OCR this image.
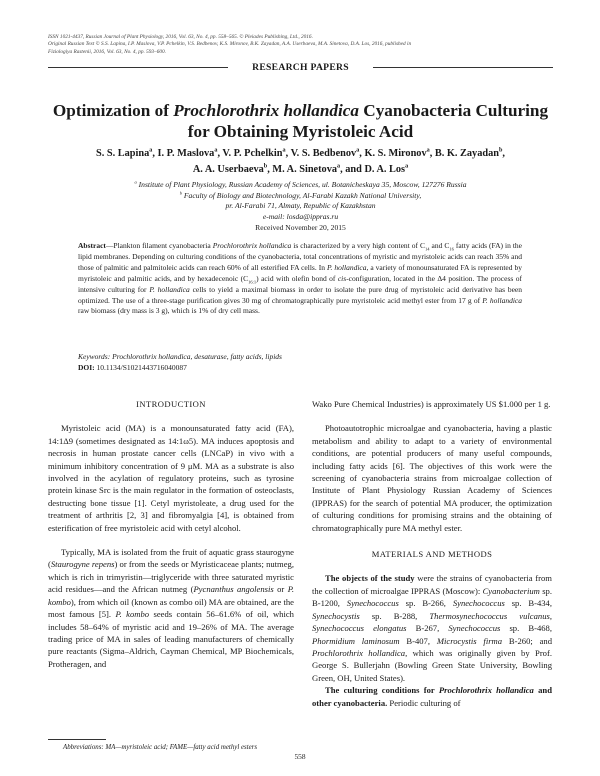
ISSN 1021-4437, Russian Journal of Plant Physiology, 2016, Vol. 63, No. 4, pp. 558–565. © Pleiades Publishing, Ltd., 2016.
Original Russian Text © S.S. Lapina, I.P. Maslova, V.P. Pchelkin, V.S. Bedbenov, K.S. Mironov, B.K. Zayadan, A.A. Userbaeva, M.A. Sinetova, D.A. Los, 2016, published in
Fiziologiya Rastenii, 2016, Vol. 63, No. 4, pp. 593–600.
RESEARCH PAPERS
Optimization of Prochlorothrix hollandica Cyanobacteria Culturing
for Obtaining Myristoleic Acid
S. S. Lapina$^a$, I. P. Maslova$^a$, V. P. Pchelkin$^a$, V. S. Bedbenov$^a$, K. S. Mironov$^a$, B. K. Zayadan$^b$,
A. A. Userbaeva$^b$, M. A. Sinetova$^a$, and D. A. Los$^a$
$^a$ Institute of Plant Physiology, Russian Academy of Sciences, ul. Botanicheskaya 35, Moscow, 127276 Russia
$^b$ Faculty of Biology and Biotechnology, Al-Farabi Kazakh National University,
pr. Al-Farabi 71, Almaty, Republic of Kazakhstan
e-mail: losda@ippras.ru
Received November 20, 2015
Abstract—Plankton filament cyanobacteria Prochlorothrix hollandica is characterized by a very high content of $C_{14}$ and $C_{16}$ fatty acids (FA) in the lipid membranes. Depending on culturing conditions of the cyanobacteria, total concentrations of myristic and myristoleic acids can reach 35% and those of palmitic and palmitoleic acids can reach 60% of all esterified FA cells. In P. hollandica, a variety of monounsaturated FA is represented by myristoleic and palmitic acids, and by hexadecenoic $(C_{16:1})$ acid with olefin bond of cis-configuration, located in the Δ4 position. The process of intensive culturing for P. hollandica cells to yield a maximal biomass in order to isolate the pure drug of myristoleic acid derivative has been optimized. The use of a three-stage purification gives 30 mg of chromatographically pure myristoleic acid methyl ester from 17 g of P. hollandica raw biomass (dry mass is 3 g), which is 1% of dry cell mass.
Keywords: Prochlorothrix hollandica, desaturase, fatty acids, lipids
DOI: 10.1134/S1021443716040087

INTRODUCTION

Myristoleic acid (MA) is a monounsaturated fatty acid (FA), 14:1Δ9 (sometimes designated as 14:1ω5). MA induces apoptosis and necrosis in human prostate cancer cells (LNCaP) in vivo with a minimum inhibitory concentration of 9 μM. MA as a substrate is also involved in the acylation of regulatory proteins, such as tyrosine protein kinase Src is the main regulator in the formation of osteoclasts, destructing bone tissue [1]. Cetyl myristoleate, a drug used for the treatment of arthritis [2, 3] and fibromyalgia [4], is obtained from esterification of free myristoleic acid with cetyl alcohol.

Typically, MA is isolated from the fruit of aquatic grass staurogyne (Staurogyne repens) or from the seeds or Myristicaceae plants; nutmeg, which is rich in trimyristin—triglyceride with three saturated myristic acid residues—and the African nutmeg (Pycnanthus angolensis or P. kombo), from which oil (known as combo oil) MA are obtained, are the most famous [5]. P. kombo seeds contain 56–61.6% of oil, which includes 58–64% of myristic acid and 19–26% of MA. The average trading price of MA in sales of leading manufacturers of chemically pure reactants (Sigma–Aldrich, Cayman Chemical, MP Biochemicals, Protheragen, and

Wako Pure Chemical Industries) is approximately US $1.000 per 1 g.

Photoautotrophic microalgae and cyanobacteria, having a plastic metabolism and ability to adapt to a variety of environmental conditions, are potential producers of many useful compounds, including fatty acids [6]. The objectives of this work were the screening of cyanobacteria strains from microalgae collection of Institute of Plant Physiology Russian Academy of Sciences (IPPRAS) for the search of potential MA producer, the optimization of culturing conditions for promising strains and the obtaining of chromatographically pure MA methyl ester.

MATERIALS AND METHODS

The objects of the study were the strains of cyanobacteria from the collection of microalgae IPPRAS (Moscow): Cyanobacterium sp. B-1200, Synechococcus sp. B-266, Synechococcus sp. B-434, Synechocystis sp. B-288, Thermosynechococcus vulcanus, Synechococcus elongatus B-267, Synechococcus sp. B-468, Phormidium laminosum B-407, Microcystis firma B-260; and Prochlorothrix hollandica, which was originally given by Prof. George S. Bullerjahn (Bowling Green State University, Bowling Green, OH, United States).

The culturing conditions for Prochlorothrix hollandica and other cyanobacteria. Periodic culturing of

Abbreviations: MA—myristoleic acid; FAME—fatty acid methyl esters
558
